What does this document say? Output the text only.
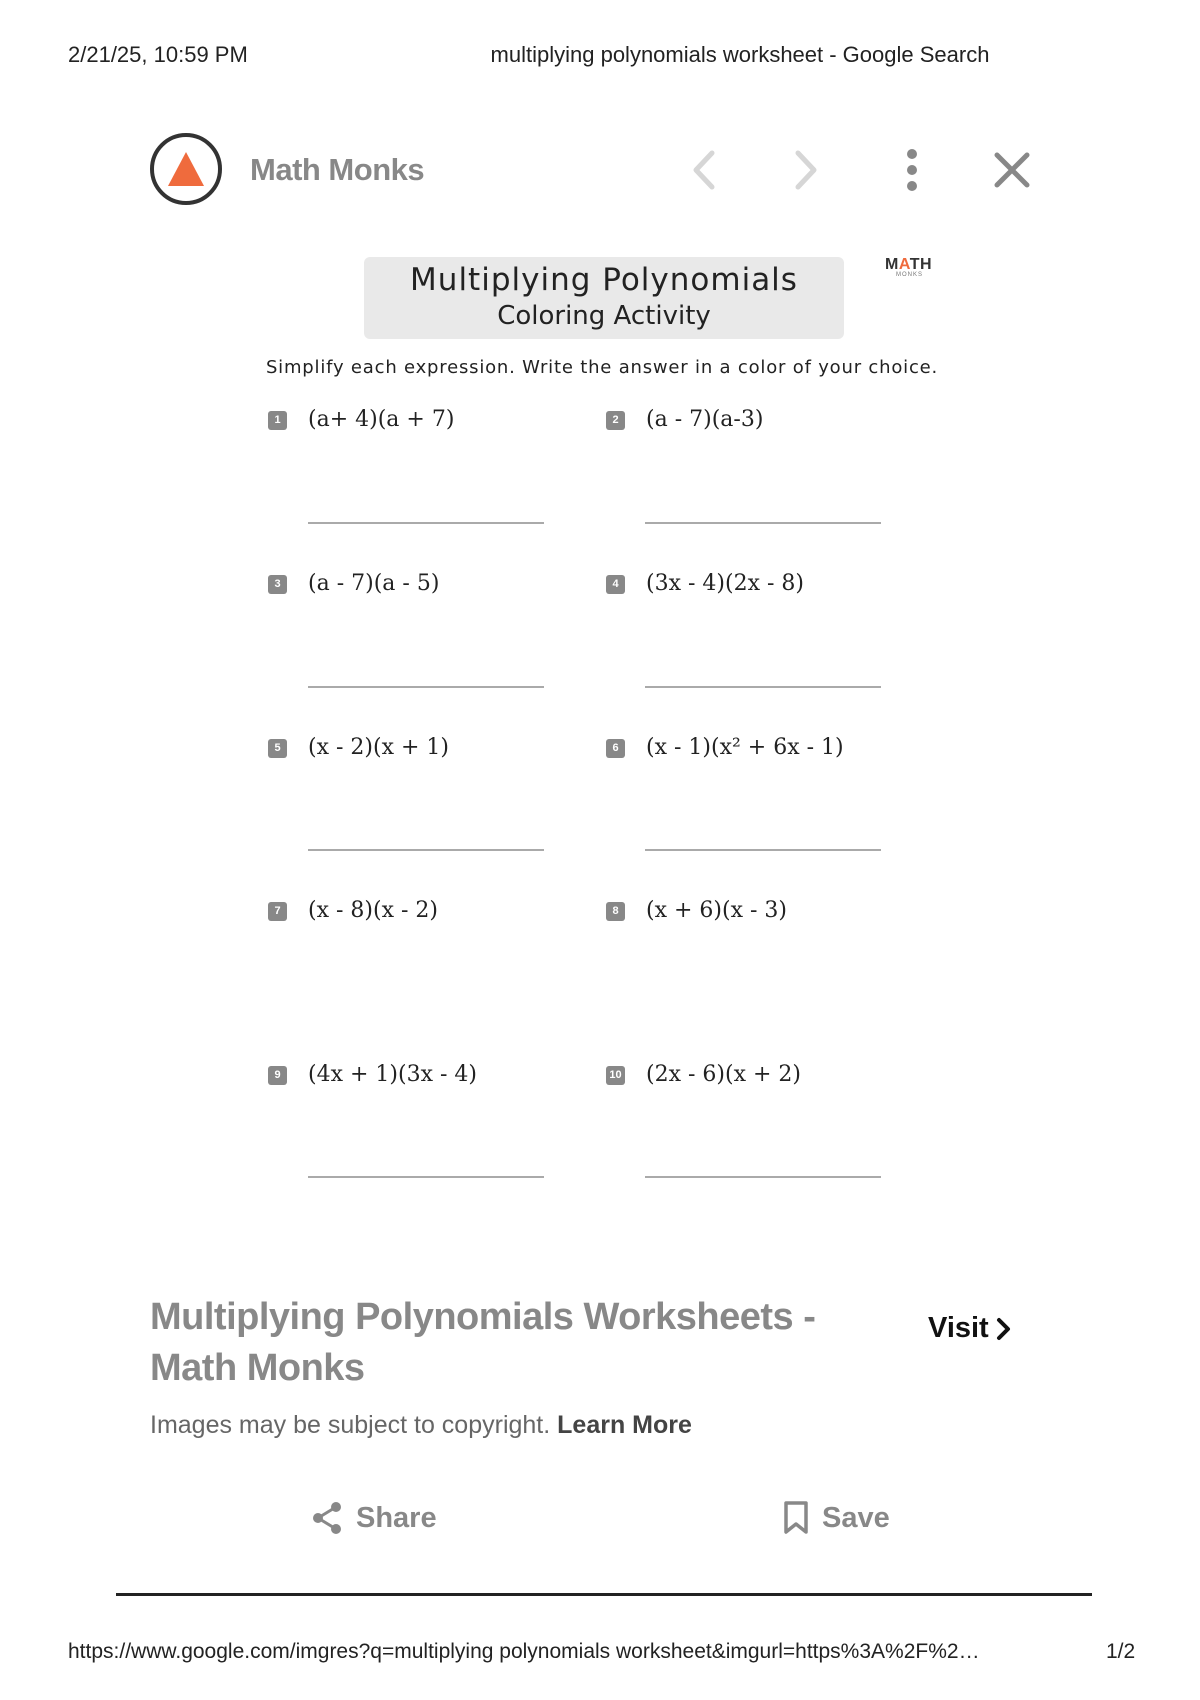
2/21/25, 10:59 PM	multiplying polynomials worksheet - Google Search
Math Monks
Multiplying Polynomials
Coloring Activity
MATH
MONKS
Simplify each expression. Write the answer in a color of your choice.
1 (a+ 4)(a + 7)	2 (a - 7)(a-3)
3 (a - 7)(a - 5)	4 (3x - 4)(2x - 8)
5 (x - 2)(x + 1)	6 (x - 1)(x² + 6x - 1)
7 (x - 8)(x - 2)	8 (x + 6)(x - 3)
9 (4x + 1)(3x - 4)	10 (2x - 6)(x + 2)
Multiplying Polynomials Worksheets - Math Monks
Visit
Images may be subject to copyright. Learn More
Share	Save
https://www.google.com/imgres?q=multiplying polynomials worksheet&imgurl=https%3A%2F%2…	1/2
